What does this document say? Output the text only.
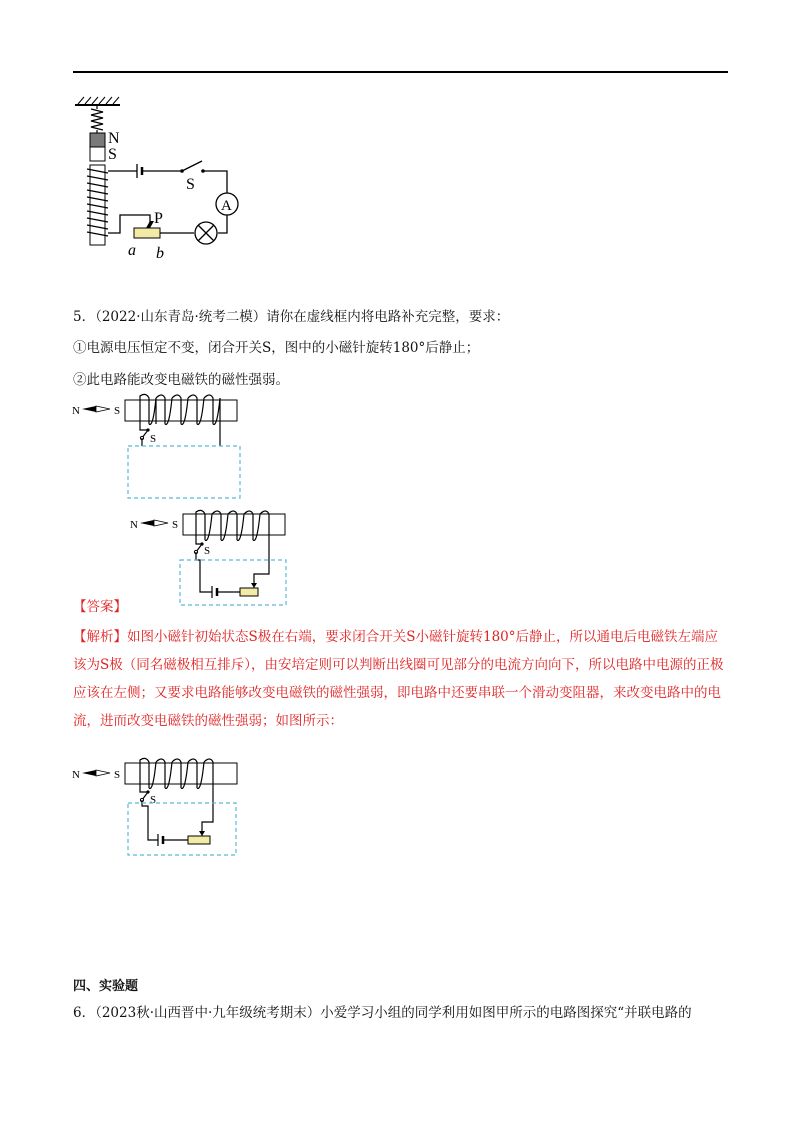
N
S
S
A
P
a b
5．（2022·山东青岛·统考二模）请你在虚线框内将电路补充完整，要求：
①电源电压恒定不变，闭合开关S，图中的小磁针旋转180°后静止；
②此电路能改变电磁铁的磁性强弱。
N	S
S
N	S
S
【答案】
【解析】如图小磁针初始状态S极在右端，要求闭合开关S小磁针旋转180°后静止，所以通电后电磁铁左端应该为S极（同名磁极相互排斥），由安培定则可以判断出线圈可见部分的电流方向向下，所以电路中电源的正极应该在左侧；又要求电路能够改变电磁铁的磁性强弱，即电路中还要串联一个滑动变阻器，来改变电路中的电流，进而改变电磁铁的磁性强弱；如图所示：
N	S
S
四、实验题
6．（2023秋·山西晋中·九年级统考期末）小爱学习小组的同学利用如图甲所示的电路图探究“并联电路的
